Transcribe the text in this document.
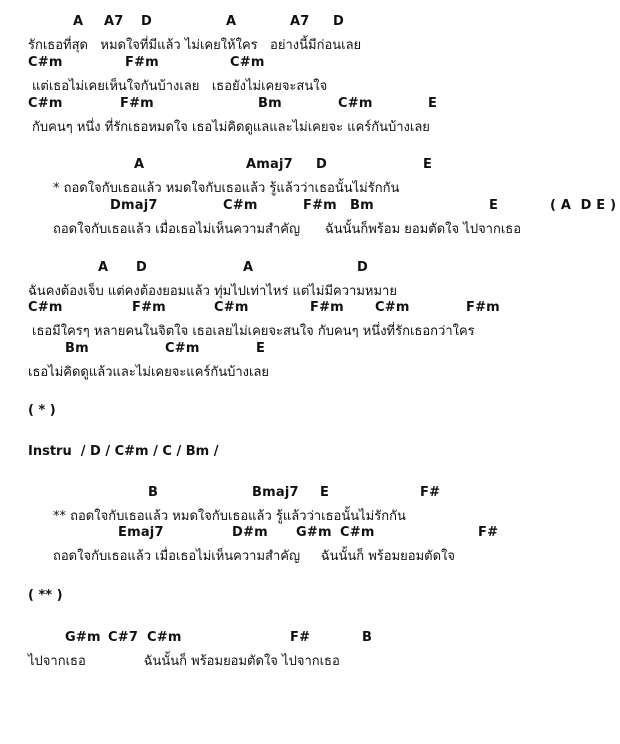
A

A7

D

	A

	A7

D

รักเธอที่สุด   หมดใจที่มีแล้ว ไม่เคยให้ใคร   อย่างนี้มีก่อนเลย

C#m

	F#m

	C#m

แต่เธอไม่เคยเห็นใจกันบ้างเลย   เธอยังไม่เคยจะสนใจ

C#m

	F#m

	Bm

	C#m

	E

กับคนๆ หนึ่ง ที่รักเธอหมดใจ เธอไม่คิดดูแลและไม่เคยจะ แคร์กันบ้างเลย

A

	Amaj7

D

	E

* ถอดใจกับเธอแล้ว หมดใจกับเธอแล้ว รู้แล้วว่าเธอนั้นไม่รักกัน

Dmaj7

	C#m

	F#m

Bm

	E

	( A  D E )

ถอดใจกับเธอแล้ว เมื่อเธอไม่เห็นความสำคัญ      ฉันนั้นก็พร้อม ยอมตัดใจ ไปจากเธอ

A

D

	A

	D

ฉันคงต้องเจ็บ แต่คงต้องยอมแล้ว ทุ่มไปเท่าไหร่ แต่ไม่มีความหมาย

C#m

	F#m

	C#m

	F#m

C#m

	F#m

เธอมีใครๆ หลายคนในจิตใจ เธอเลยไม่เคยจะสนใจ กับคนๆ หนึ่งที่รักเธอกว่าใคร

Bm

	C#m

	E

เธอไม่คิดดูแล้วและไม่เคยจะแคร์กันบ้างเลย

( * )
Instru  / D / C#m / C / Bm /

B

	Bmaj7

E

	F#

** ถอดใจกับเธอแล้ว หมดใจกับเธอแล้ว รู้แล้วว่าเธอนั้นไม่รักกัน

Emaj7

	D#m

G#m

C#m

	F#

ถอดใจกับเธอแล้ว เมื่อเธอไม่เห็นความสำคัญ     ฉันนั้นก็ พร้อมยอมตัดใจ

( ** )

G#m

C#7

C#m

	F#

	B

ไปจากเธอ              ฉันนั้นก็ พร้อมยอมตัดใจ ไปจากเธอ
